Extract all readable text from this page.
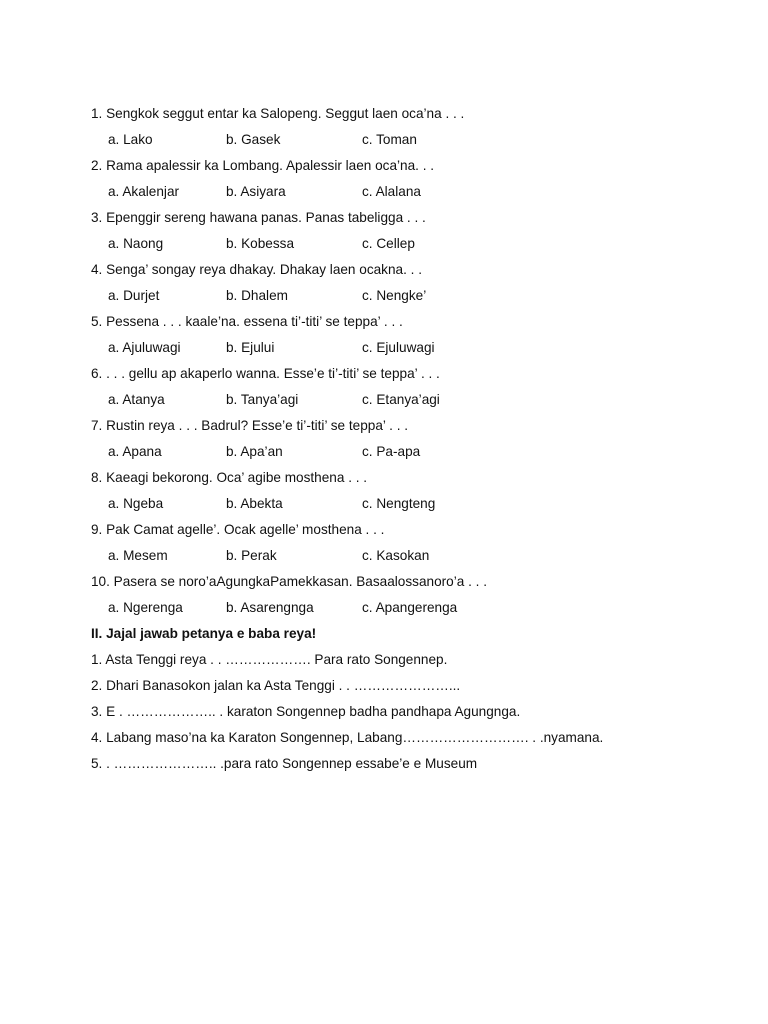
1. Sengkok seggut entar ka Salopeng. Seggut laen oca’na . . .
a. Lako	b. Gasek	c. Toman
2. Rama apalessir ka Lombang. Apalessir laen oca’na. . .
a. Akalenjar	b. Asiyara	c. Alalana
3. Epenggir sereng hawana panas. Panas tabeligga . . .
a. Naong	b. Kobessa	c. Cellep
4. Senga’ songay reya dhakay. Dhakay laen ocakna. . .
a. Durjet	b. Dhalem	c. Nengke’
5. Pessena . . . kaale’na. essena ti’-titi’ se teppa’ . . .
a. Ajuluwagi	b. Ejului	c. Ejuluwagi
6. . . . gellu ap akaperlo wanna. Esse’e ti’-titi’ se teppa’ . . .
a. Atanya	b. Tanya’agi	c. Etanya’agi
7. Rustin reya . . . Badrul? Esse’e ti’-titi’ se teppa’ . . .
a. Apana	b. Apa’an	c. Pa-apa
8. Kaeagi bekorong. Oca’ agibe mosthena . . .
a. Ngeba	b. Abekta	c. Nengteng
9. Pak Camat agelle’. Ocak agelle’ mosthena . . .
a. Mesem	b. Perak	c. Kasokan
10. Pasera se noro’aAgungkaPamekkasan. Basaalossanoro’a . . .
a. Ngerenga	b. Asarengnga	c. Apangerenga
II. Jajal jawab petanya e baba reya!
1. Asta Tenggi reya . . ………………. Para rato Songennep.
2. Dhari Banasokon jalan ka Asta Tenggi . . …………………...
3. E . ……………….. . karaton Songennep badha pandhapa Agungnga.
4. Labang maso’na ka Karaton Songennep, Labang………………………. . .nyamana.
5. . ………………….. .para rato Songennep essabe’e e Museum
